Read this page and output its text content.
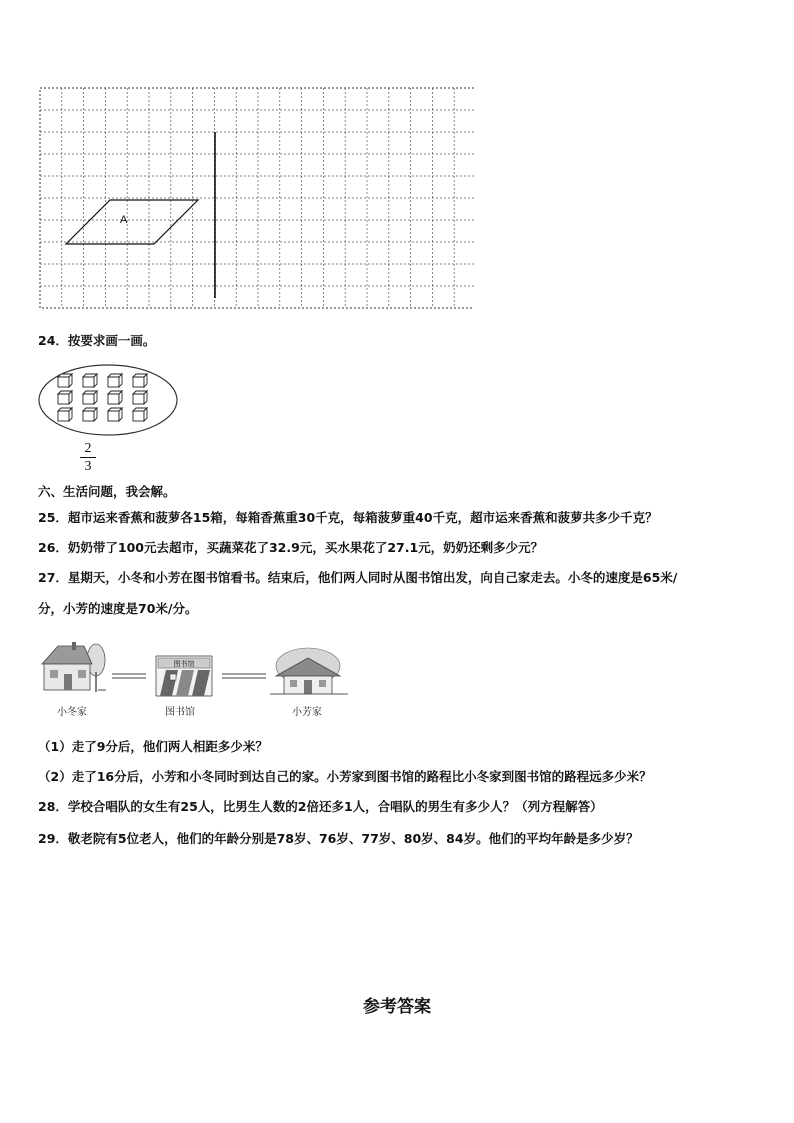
A
24．按要求画一画。
2
3
六、生活问题，我会解。
25．超市运来香蕉和菠萝各15箱，每箱香蕉重30千克，每箱菠萝重40千克，超市运来香蕉和菠萝共多少千克？
26．奶奶带了100元去超市，买蔬菜花了32.9元，买水果花了27.1元，奶奶还剩多少元？
27．星期天，小冬和小芳在图书馆看书。结束后，他们两人同时从图书馆出发，向自己家走去。小冬的速度是65米/
分，小芳的速度是70米/分。
图书馆
小冬家	图书馆	小芳家
（1）走了9分后，他们两人相距多少米？
（2）走了16分后，小芳和小冬同时到达自己的家。小芳家到图书馆的路程比小冬家到图书馆的路程远多少米？
28．学校合唱队的女生有25人，比男生人数的2倍还多1人，合唱队的男生有多少人？（列方程解答）
29．敬老院有5位老人，他们的年龄分别是78岁、76岁、77岁、80岁、84岁。他们的平均年龄是多少岁？
参考答案
